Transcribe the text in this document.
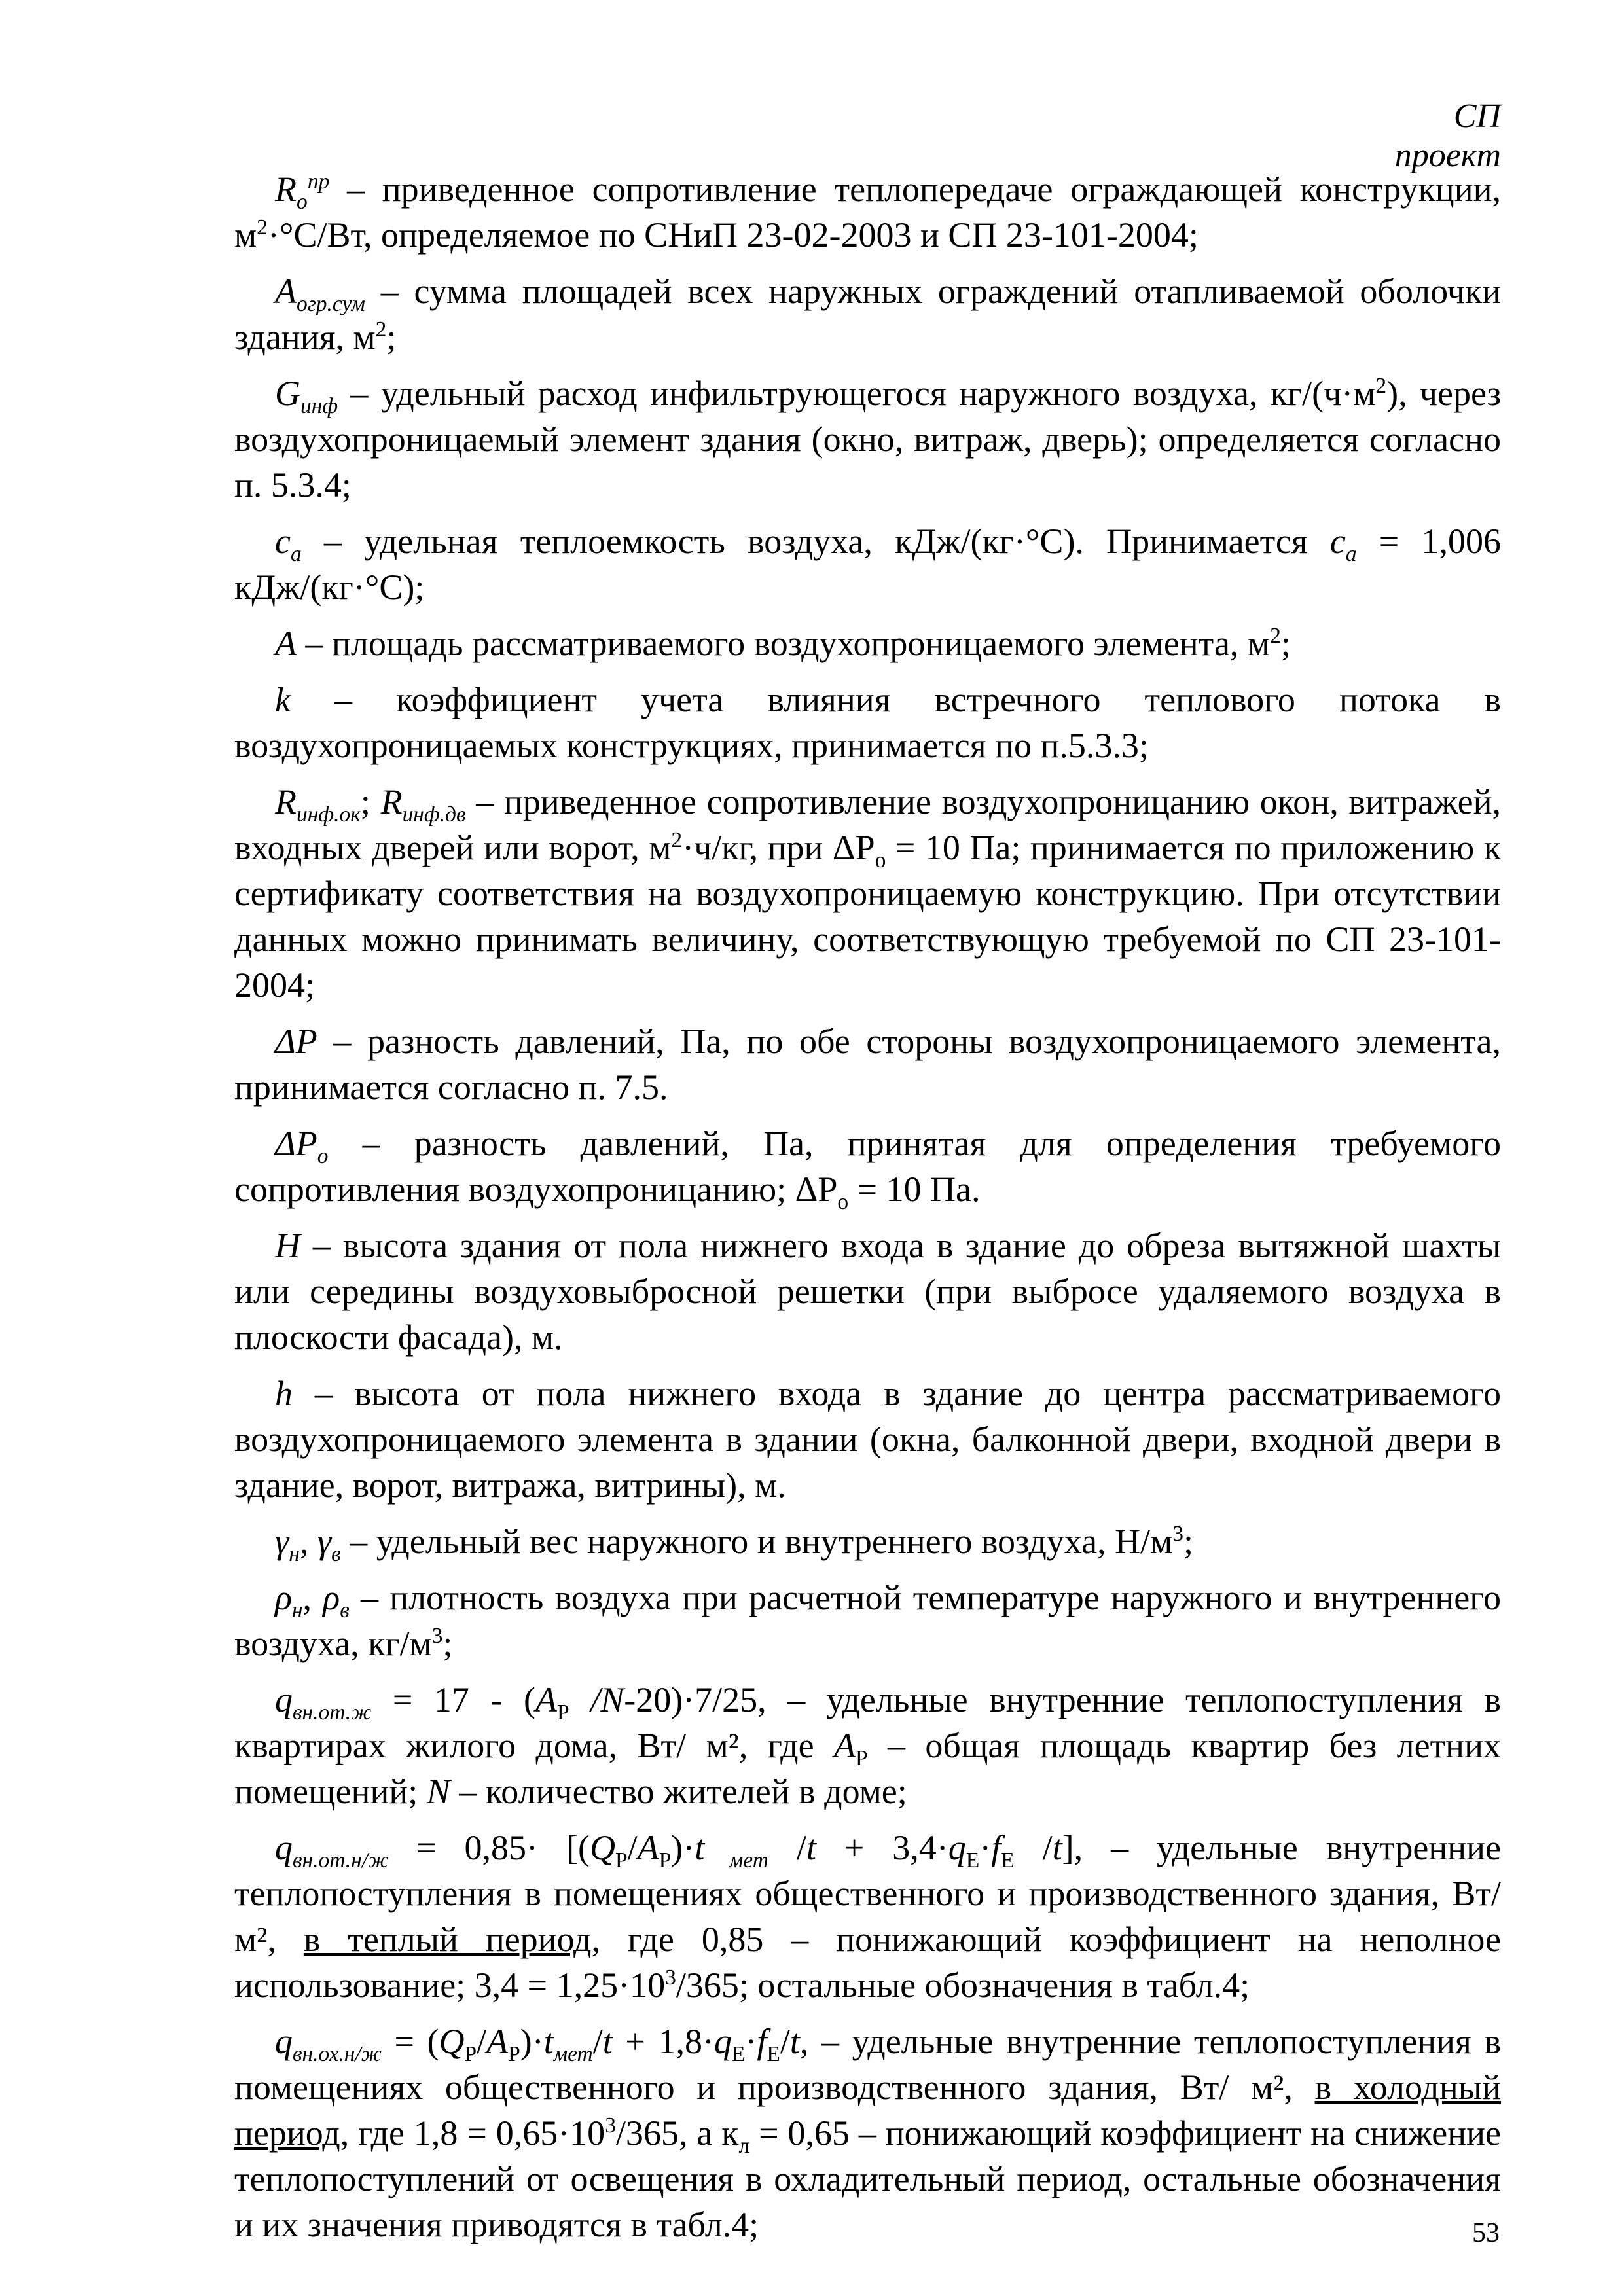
СП
проект

$R_o^{пр}$ – приведенное сопротивление теплопередаче ограждающей конструкции, $м^2\cdot^\circ С/Вт$, определяемое по СНиП 23-02-2003 и СП 23-101-2004;

$A_{огр.сум}$ – сумма площадей всех наружных ограждений отапливаемой оболочки здания, $м^2$;

$G_{инф}$ – удельный расход инфильтрующегося наружного воздуха, $кг/(ч\cdot м^2)$, через воздухопроницаемый элемент здания (окно, витраж, дверь); определяется согласно п. 5.3.4;

$c_a$ – удельная теплоемкость воздуха, кДж/(кг·°С). Принимается $c_a = 1,006$ кДж/(кг·°С);

A – площадь рассматриваемого воздухопроницаемого элемента, $м^2$;

k – коэффициент учета влияния встречного теплового потока в воздухопроницаемых конструкциях, принимается по п.5.3.3;

$R_{инф.ок}$; $R_{инф.дв}$ – приведенное сопротивление воздухопроницанию окон, витражей, входных дверей или ворот, $м^2\cdot ч/кг$, при $\Delta Р_о = 10$ Па; принимается по приложению к сертификату соответствия на воздухопроницаемую конструкцию. При отсутствии данных можно принимать величину, соответствующую требуемой по СП 23-101-2004;

ΔP – разность давлений, Па, по обе стороны воздухопроницаемого элемента, принимается согласно п. 7.5.

$\Delta P_o$ – разность давлений, Па, принятая для определения требуемого сопротивления воздухопроницанию; $\Delta Р_о = 10$ Па.

H – высота здания от пола нижнего входа в здание до обреза вытяжной шахты или середины воздуховыбросной решетки (при выбросе удаляемого воздуха в плоскости фасада), м.

h – высота от пола нижнего входа в здание до центра рассматриваемого воздухопроницаемого элемента в здании (окна, балконной двери, входной двери в здание, ворот, витража, витрины), м.

$\gamma_н$, $\gamma_в$ – удельный вес наружного и внутреннего воздуха, $Н/м^3$;

$\rho_н$, $\rho_в$ – плотность воздуха при расчетной температуре наружного и внутреннего воздуха, $кг/м^3$;

$q_{вн.от.ж} = 17 - (A_Р$ /N-20)·7/25, – удельные внутренние теплопоступления в квартирах жилого дома, Вт/ м², где $A_Р$ – общая площадь квартир без летних помещений; N – количество жителей в доме;

$q_{вн.от.н/ж} = 0,85\cdot [(Q_Р/A_Р)\cdot t$ $_{мет}$ $/t + 3,4\cdot q_Е\cdot f_Е$ /t], – удельные внутренние теплопоступления в помещениях общественного и производственного здания, Вт/ м², в теплый период, где 0,85 – понижающий коэффициент на неполное использование; $3,4 = 1,25\cdot 10^3/365$; остальные обозначения в табл.4;

$q_{вн.ох.н/ж} = (Q_Р/A_Р)\cdot t_{мет}/t + 1,8\cdot q_Е\cdot f_Е/t$, – удельные внутренние теплопоступления в помещениях общественного и производственного здания, Вт/ м², в холодный период, где $1,8 = 0,65\cdot 10^3/365$, а $к_л = 0,65$ – понижающий коэффициент на снижение теплопоступлений от освещения в охладительный период, остальные обозначения и их значения приводятся в табл.4;	53
